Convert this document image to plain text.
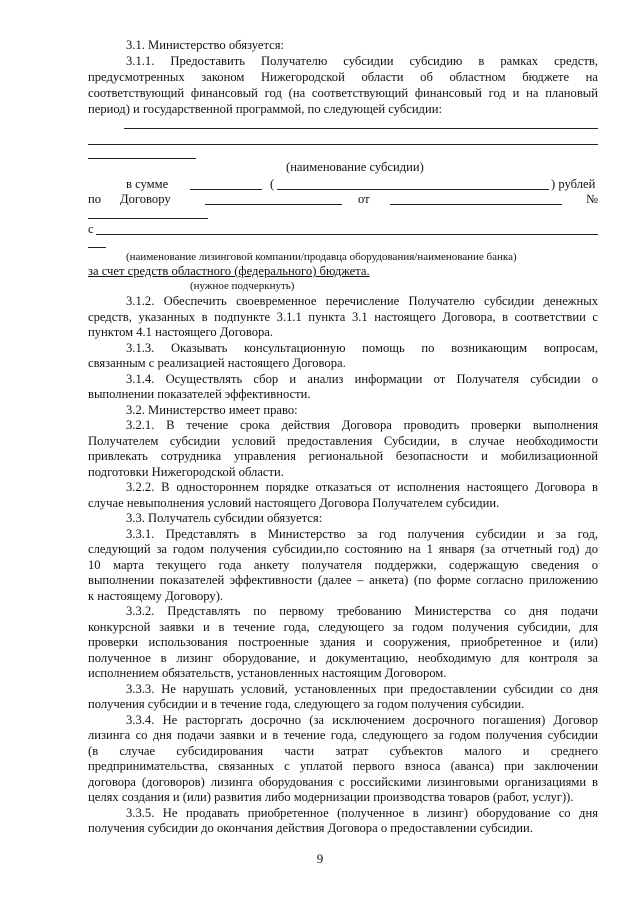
3.1. Министерство обязуется:
3.1.1. Предоставить Получателю субсидии субсидию в рамках средств,
предусмотренных законом Нижегородской области об областном бюджете на
соответствующий финансовый год (на соответствующий финансовый год и на плановый
период) и государственной программой, по следующей субсидии:
(наименование субсидии)
в сумме	(	) рублей
по Договору	от	№
с
(наименование лизинговой компании/продавца оборудования/наименование банка)
за счет средств областного (федерального) бюджета.
(нужное подчеркнуть)
3.1.2. Обеспечить своевременное перечисление Получателю субсидии денежных
средств, указанных в подпункте 3.1.1 пункта 3.1 настоящего Договора, в соответствии с
пунктом 4.1 настоящего Договора.
3.1.3. Оказывать консультационную помощь по возникающим вопросам,
связанным с реализацией настоящего Договора.
3.1.4. Осуществлять сбор и анализ информации от Получателя субсидии о
выполнении показателей эффективности.
3.2. Министерство имеет право:
3.2.1. В течение срока действия Договора проводить проверки выполнения
Получателем субсидии условий предоставления Субсидии, в случае необходимости
привлекать сотрудника управления региональной безопасности и мобилизационной
подготовки Нижегородской области.
3.2.2. В одностороннем порядке отказаться от исполнения настоящего Договора в
случае невыполнения условий настоящего Договора Получателем субсидии.
3.3. Получатель субсидии обязуется:
3.3.1. Представлять в Министерство за год получения субсидии и за год,
следующий за годом получения субсидии,по состоянию на 1 января (за отчетный год) до
10 марта текущего года анкету получателя поддержки, содержащую сведения о
выполнении показателей эффективности (далее – анкета) (по форме согласно приложению
к настоящему Договору).
3.3.2. Представлять по первому требованию Министерства со дня подачи
конкурсной заявки и в течение года, следующего за годом получения субсидии, для
проверки использования построенные здания и сооружения, приобретенное и (или)
полученное в лизинг оборудование, и документацию, необходимую для контроля за
исполнением обязательств, установленных настоящим Договором.
3.3.3. Не нарушать условий, установленных при предоставлении субсидии со дня
получения субсидии и в течение года, следующего за годом получения субсидии.
3.3.4. Не расторгать досрочно (за исключением досрочного погашения) Договор
лизинга со дня подачи заявки и в течение года, следующего за годом получения субсидии
(в случае субсидирования части затрат субъектов малого и среднего
предпринимательства, связанных с уплатой первого взноса (аванса) при заключении
договора (договоров) лизинга оборудования с российскими лизинговыми организациями в
целях создания и (или) развития либо модернизации производства товаров (работ, услуг)).
3.3.5. Не продавать приобретенное (полученное в лизинг) оборудование со дня
получения субсидии до окончания действия Договора о предоставлении субсидии.
9
